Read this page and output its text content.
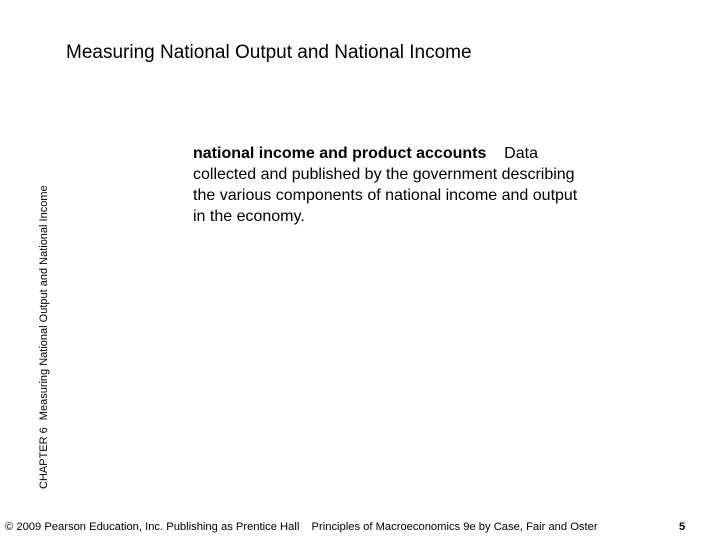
Measuring National Output and National Income
CHAPTER 6 Measuring National Output and National Income
national income and product accounts Data collected and published by the government describing the various components of national income and output in the economy.
© 2009 Pearson Education, Inc. Publishing as Prentice Hall Principles of Macroeconomics 9e by Case, Fair and Oster	5
